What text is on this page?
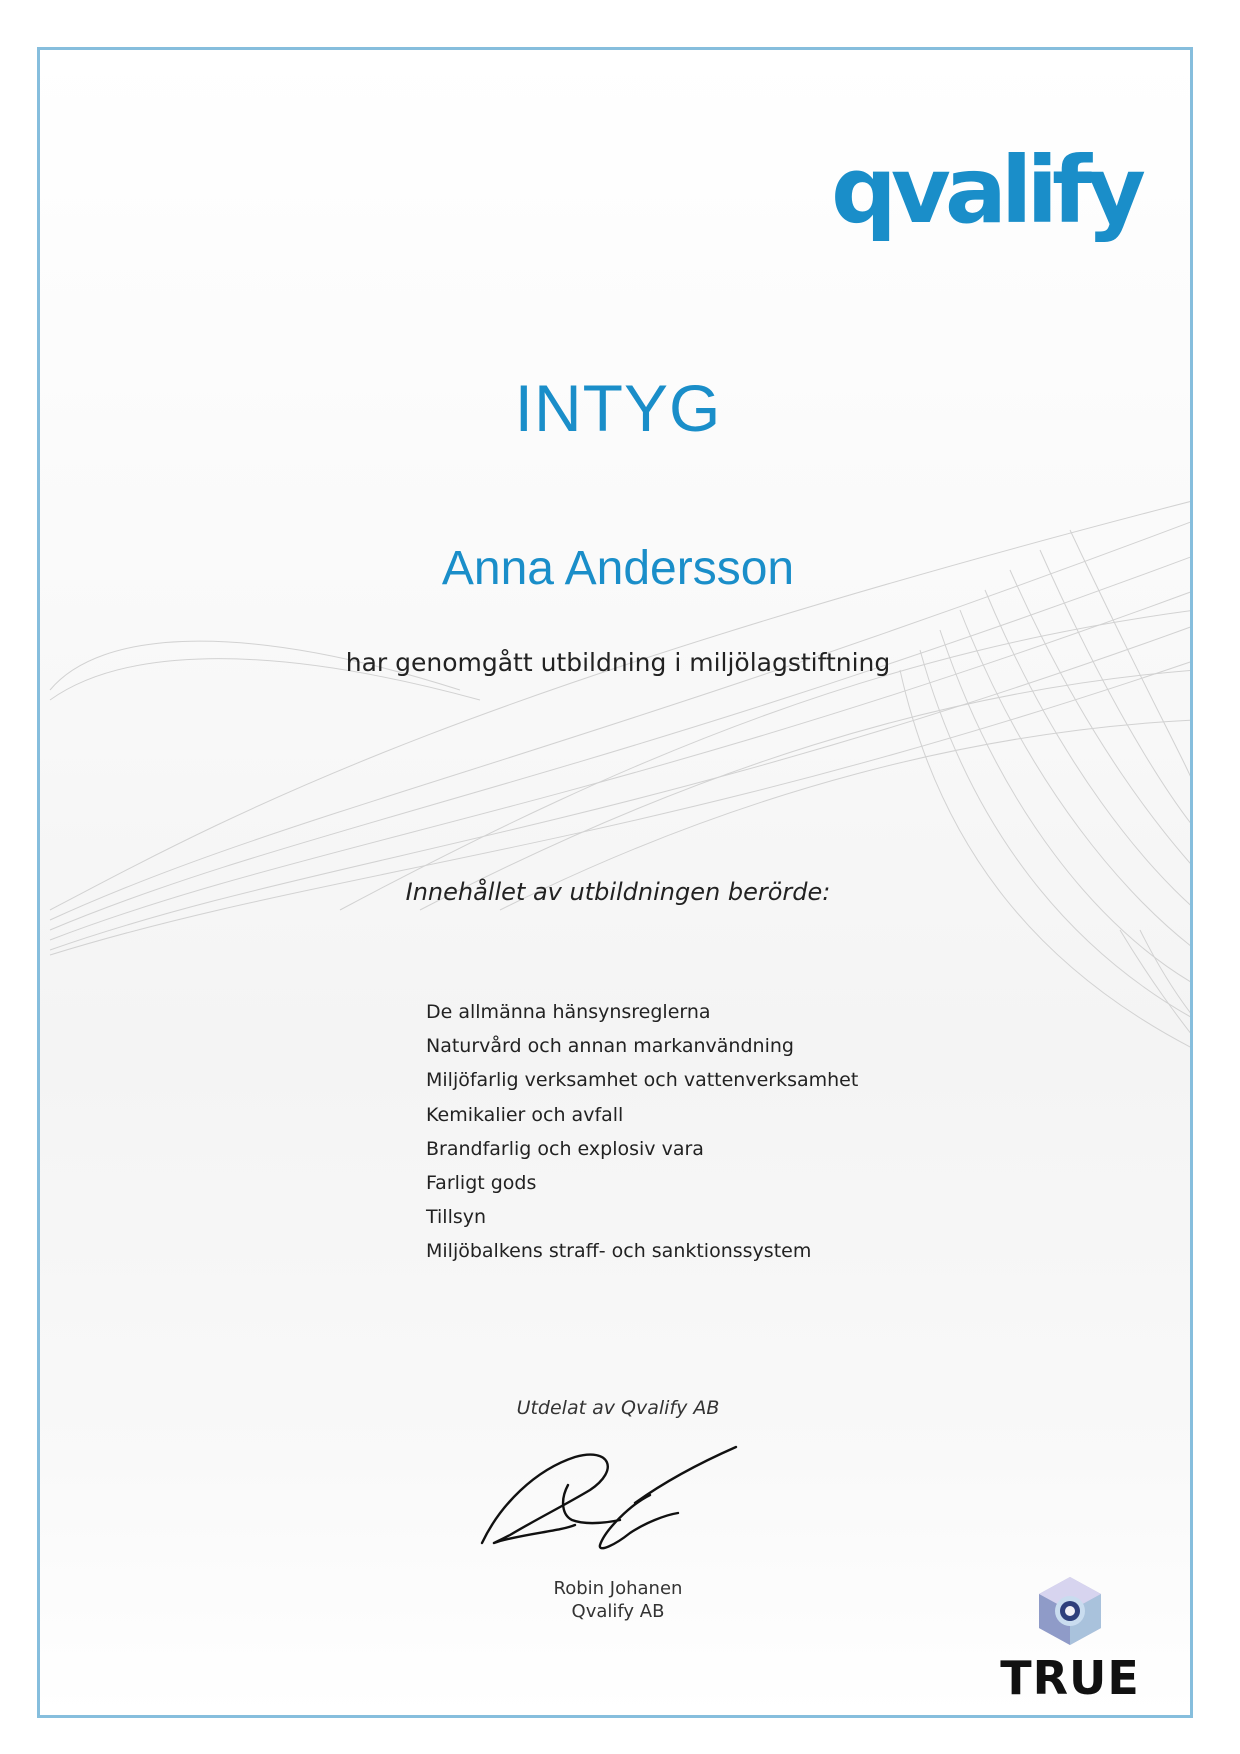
qvalify
INTYG
Anna Andersson
har genomgått utbildning i miljölagstiftning
Innehållet av utbildningen berörde:
De allmänna hänsynsreglerna
Naturvård och annan markanvändning
Miljöfarlig verksamhet och vattenverksamhet
Kemikalier och avfall
Brandfarlig och explosiv vara
Farligt gods
Tillsyn
Miljöbalkens straff- och sanktionssystem
Utdelat av Qvalify AB
Robin Johanen
Qvalify AB
TRUE
